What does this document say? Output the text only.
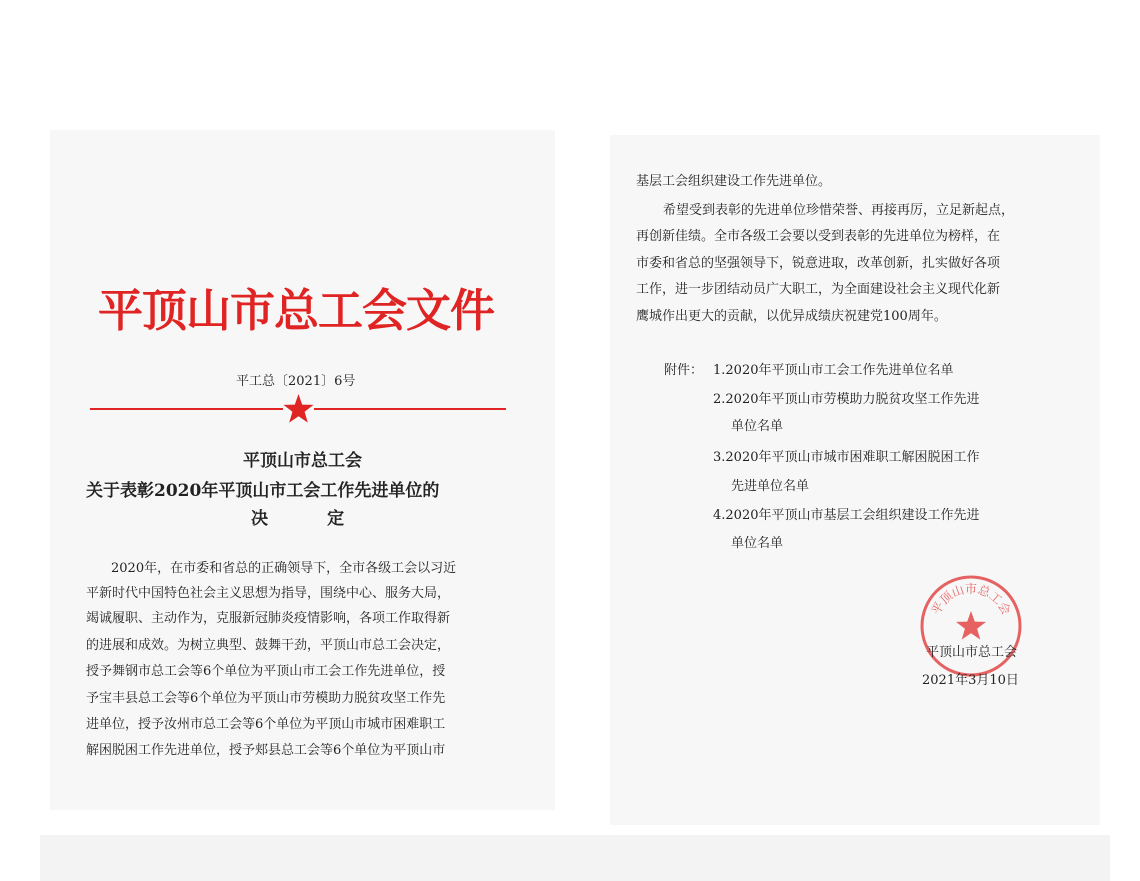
平顶山市总工会文件
平工总〔2021〕6号
平顶山市总工会
关于表彰2020年平顶山市工会工作先进单位的
决          定
2020年，在市委和省总的正确领导下，全市各级工会以习近
平新时代中国特色社会主义思想为指导，围绕中心、服务大局，
竭诚履职、主动作为，克服新冠肺炎疫情影响，各项工作取得新
的进展和成效。为树立典型、鼓舞干劲，平顶山市总工会决定，
授予舞钢市总工会等6个单位为平顶山市工会工作先进单位，授
予宝丰县总工会等6个单位为平顶山市劳模助力脱贫攻坚工作先
进单位，授予汝州市总工会等6个单位为平顶山市城市困难职工
解困脱困工作先进单位，授予郏县总工会等6个单位为平顶山市
基层工会组织建设工作先进单位。
希望受到表彰的先进单位珍惜荣誉、再接再厉，立足新起点，
再创新佳绩。全市各级工会要以受到表彰的先进单位为榜样，在
市委和省总的坚强领导下，锐意进取，改革创新，扎实做好各项
工作，进一步团结动员广大职工，为全面建设社会主义现代化新
鹰城作出更大的贡献，以优异成绩庆祝建党100周年。
附件： 1.2020年平顶山市工会工作先进单位名单
2.2020年平顶山市劳模助力脱贫攻坚工作先进
单位名单
3.2020年平顶山市城市困难职工解困脱困工作
先进单位名单
4.2020年平顶山市基层工会组织建设工作先进
单位名单
平顶山市总工会
平顶山市总工会
2021年3月10日
